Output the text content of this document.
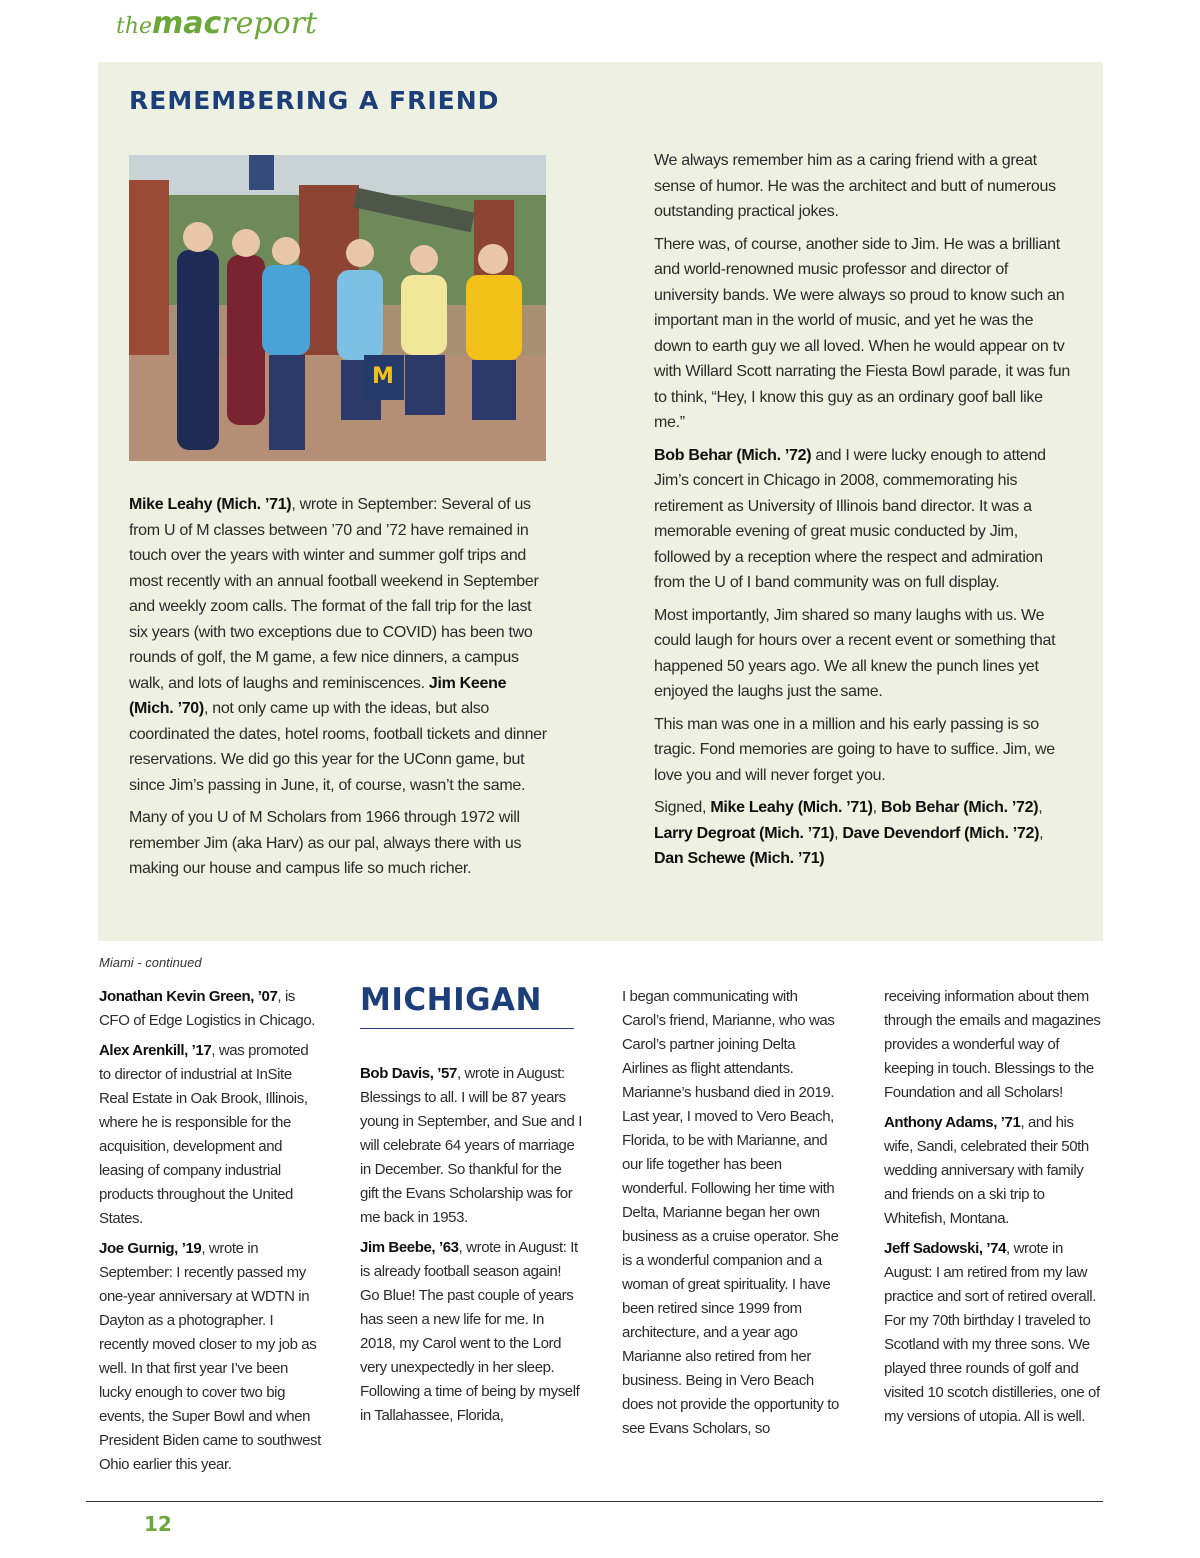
themacreport
REMEMBERING A FRIEND
M

Mike Leahy (Mich. ’71), wrote in September: Several of us from U of M classes between ’70 and ’72 have remained in touch over the years with winter and summer golf trips and most recently with an annual football weekend in September and weekly zoom calls. The format of the fall trip for the last six years (with two exceptions due to COVID) has been two rounds of golf, the M game, a few nice dinners, a campus walk, and lots of laughs and reminiscences. Jim Keene (Mich. ’70), not only came up with the ideas, but also coordinated the dates, hotel rooms, football tickets and dinner reservations. We did go this year for the UConn game, but since Jim’s passing in June, it, of course, wasn’t the same.

Many of you U of M Scholars from 1966 through 1972 will remember Jim (aka Harv) as our pal, always there with us making our house and campus life so much richer.

We always remember him as a caring friend with a great sense of humor. He was the architect and butt of numerous outstanding practical jokes.

There was, of course, another side to Jim. He was a brilliant and world-renowned music professor and director of university bands. We were always so proud to know such an important man in the world of music, and yet he was the down to earth guy we all loved. When he would appear on tv with Willard Scott narrating the Fiesta Bowl parade, it was fun to think, “Hey, I know this guy as an ordinary goof ball like me.”

Bob Behar (Mich. ’72) and I were lucky enough to attend Jim’s concert in Chicago in 2008, commemorating his retirement as University of Illinois band director. It was a memorable evening of great music conducted by Jim, followed by a reception where the respect and admiration from the U of I band community was on full display.

Most importantly, Jim shared so many laughs with us. We could laugh for hours over a recent event or something that happened 50 years ago. We all knew the punch lines yet enjoyed the laughs just the same.

This man was one in a million and his early passing is so tragic. Fond memories are going to have to suffice. Jim, we love you and will never forget you.

Signed, Mike Leahy (Mich. ’71), Bob Behar (Mich. ’72), Larry Degroat (Mich. ’71), Dave Devendorf (Mich. ’72), Dan Schewe (Mich. ’71)

Miami - continued

MICHIGAN

Jonathan Kevin Green, ’07, is CFO of Edge Logistics in Chicago.

Alex Arenkill, ’17, was promoted to director of industrial at InSite Real Estate in Oak Brook, Illinois, where he is responsible for the acquisition, development and leasing of company industrial products throughout the United States.

Joe Gurnig, ’19, wrote in September: I recently passed my one-year anniversary at WDTN in Dayton as a photographer. I recently moved closer to my job as well. In that first year I’ve been lucky enough to cover two big events, the Super Bowl and when President Biden came to southwest Ohio earlier this year.

Bob Davis, ’57, wrote in August: Blessings to all. I will be 87 years young in September, and Sue and I will celebrate 64 years of marriage in December. So thankful for the gift the Evans Scholarship was for me back in 1953.

Jim Beebe, ’63, wrote in August: It is already football season again! Go Blue! The past couple of years has seen a new life for me. In 2018, my Carol went to the Lord very unexpectedly in her sleep. Following a time of being by myself in Tallahassee, Florida,

I began communicating with Carol’s friend, Marianne, who was Carol’s partner joining Delta Airlines as flight attendants. Marianne’s husband died in 2019. Last year, I moved to Vero Beach, Florida, to be with Marianne, and our life together has been wonderful. Following her time with Delta, Marianne began her own business as a cruise operator. She is a wonderful companion and a woman of great spirituality. I have been retired since 1999 from architecture, and a year ago Marianne also retired from her business. Being in Vero Beach does not provide the opportunity to see Evans Scholars, so

receiving information about them through the emails and magazines provides a wonderful way of keeping in touch. Blessings to the Foundation and all Scholars!

Anthony Adams, ’71, and his wife, Sandi, celebrated their 50th wedding anniversary with family and friends on a ski trip to Whitefish, Montana.

Jeff Sadowski, ’74, wrote in August: I am retired from my law practice and sort of retired overall. For my 70th birthday I traveled to Scotland with my three sons. We played three rounds of golf and visited 10 scotch distilleries, one of my versions of utopia. All is well.

12
